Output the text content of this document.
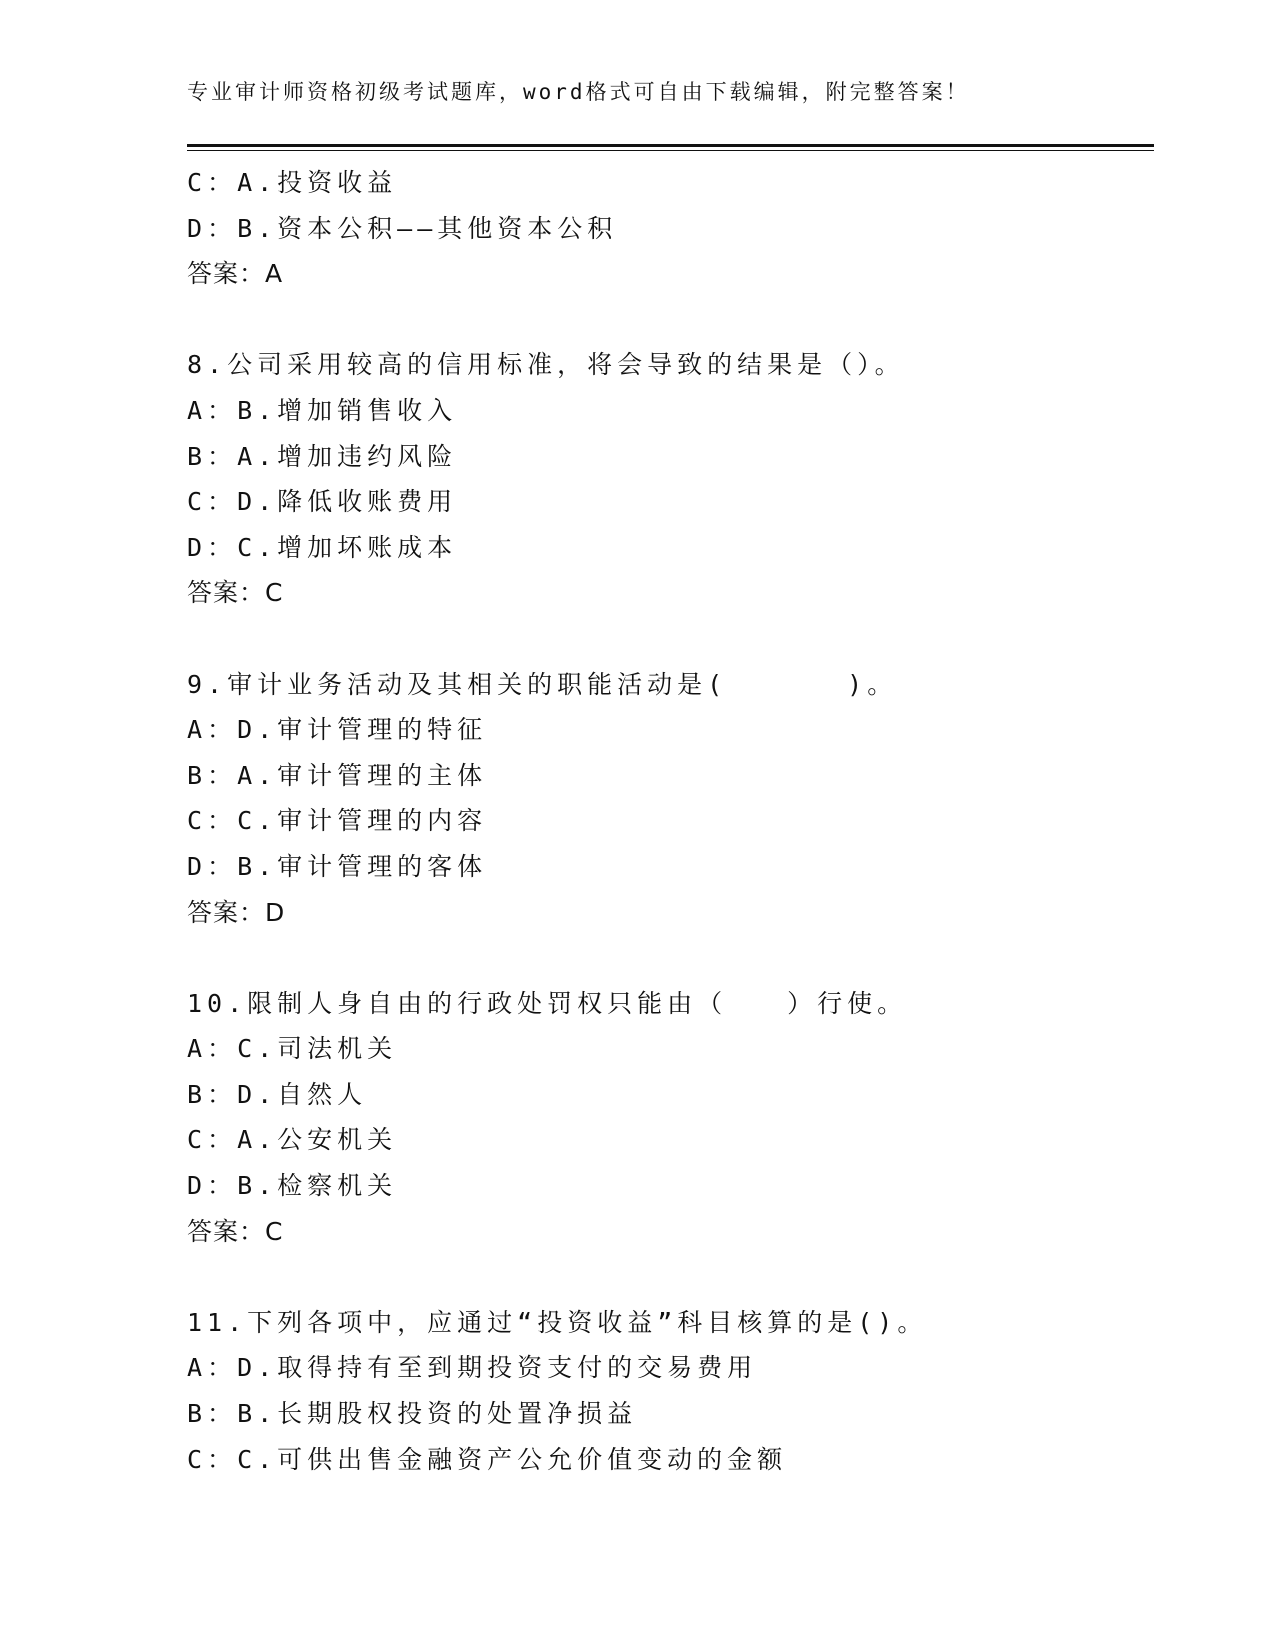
专业审计师资格初级考试题库，word格式可自由下载编辑，附完整答案！
C：A.投资收益
D：B.资本公积——其他资本公积
答案：A
8.公司采用较高的信用标准，将会导致的结果是（）。
A：B.增加销售收入
B：A.增加违约风险
C：D.降低收账费用
D：C.增加坏账成本
答案：C
9.审计业务活动及其相关的职能活动是(　　　　)。
A：D.审计管理的特征
B：A.审计管理的主体
C：C.审计管理的内容
D：B.审计管理的客体
答案：D
10.限制人身自由的行政处罚权只能由（　　）行使。
A：C.司法机关
B：D.自然人
C：A.公安机关
D：B.检察机关
答案：C
11.下列各项中，应通过“投资收益”科目核算的是()。
A：D.取得持有至到期投资支付的交易费用
B：B.长期股权投资的处置净损益
C：C.可供出售金融资产公允价值变动的金额
